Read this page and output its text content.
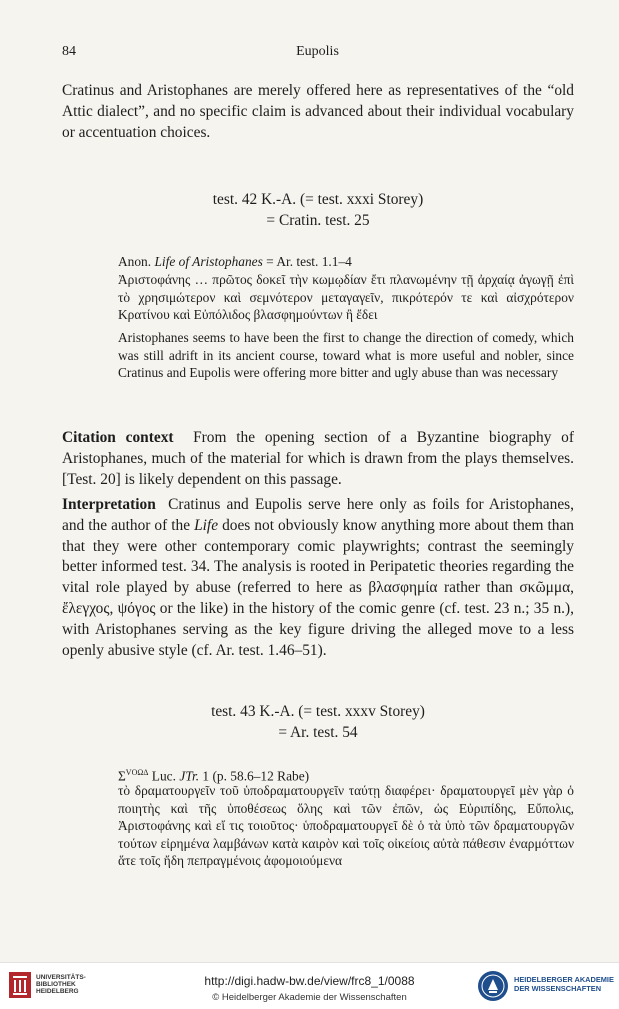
84	Eupolis

Cratinus and Aristophanes are merely offered here as representatives of the “old Attic dialect”, and no specific claim is advanced about their individual vocabulary or accentuation choices.

test. 42 K.-A. (= test. xxxi Storey)
= Cratin. test. 25
Anon. Life of Aristophanes = Ar. test. 1.1–4
Ἀριστοφάνης … πρῶτος δοκεῖ τὴν κωμῳδίαν ἔτι πλανωμένην τῇ ἀρχαίᾳ ἀγωγῇ ἐπὶ τὸ χρησιμώτερον καὶ σεμνότερον μεταγαγεῖν, πικρότερόν τε καὶ αἰσχρότερον Κρατίνου καὶ Εὐπόλιδος βλασφημούντων ἢ ἔδει
Aristophanes seems to have been the first to change the direction of comedy, which was still adrift in its ancient course, toward what is more useful and nobler, since Cratinus and Eupolis were offering more bitter and ugly abuse than was necessary

Citation context From the opening section of a Byzantine biography of Aristophanes, much of the material for which is drawn from the plays themselves. [Test. 20] is likely dependent on this passage.

Interpretation Cratinus and Eupolis serve here only as foils for Aristophanes, and the author of the Life does not obviously know anything more about them than that they were other contemporary comic playwrights; contrast the seemingly better informed test. 34. The analysis is rooted in Peripatetic theories regarding the vital role played by abuse (referred to here as βλασφημία rather than σκῶμμα, ἔλεγχος, ψόγος or the like) in the history of the comic genre (cf. test. 23 n.; 35 n.), with Aristophanes serving as the key figure driving the alleged move to a less openly abusive style (cf. Ar. test. 1.46–51).

test. 43 K.-A. (= test. xxxv Storey)
= Ar. test. 54
$\Sigma^{VO\Omega\Delta}$ Luc. JTr. 1 (p. 58.6–12 Rabe)
τὸ δραματουργεῖν τοῦ ὑποδραματουργεῖν ταύτῃ διαφέρει· δραματουργεῖ μὲν γὰρ ὁ ποιητὴς καὶ τῆς ὑποθέσεως ὅλης καὶ τῶν ἐπῶν, ὡς Εὐριπίδης, Εὔπολις, Ἀριστοφάνης καὶ εἴ τις τοιοῦτος· ὑποδραματουργεῖ δὲ ὁ τὰ ὑπὸ τῶν δραματουργῶν τούτων εἰρημένα λαμβάνων κατὰ καιρὸν καὶ τοῖς οἰκείοις αὐτὰ πάθεσιν ἐναρμόττων ἅτε τοῖς ἤδη πεπραγμένοις ἀφομοιούμενα
UNIVERSITÄTS- BIBLIOTHEK HEIDELBERG
http://digi.hadw-bw.de/view/frc8_1/0088
© Heidelberger Akademie der Wissenschaften
HEIDELBERGER AKADEMIE DER WISSENSCHAFTEN
